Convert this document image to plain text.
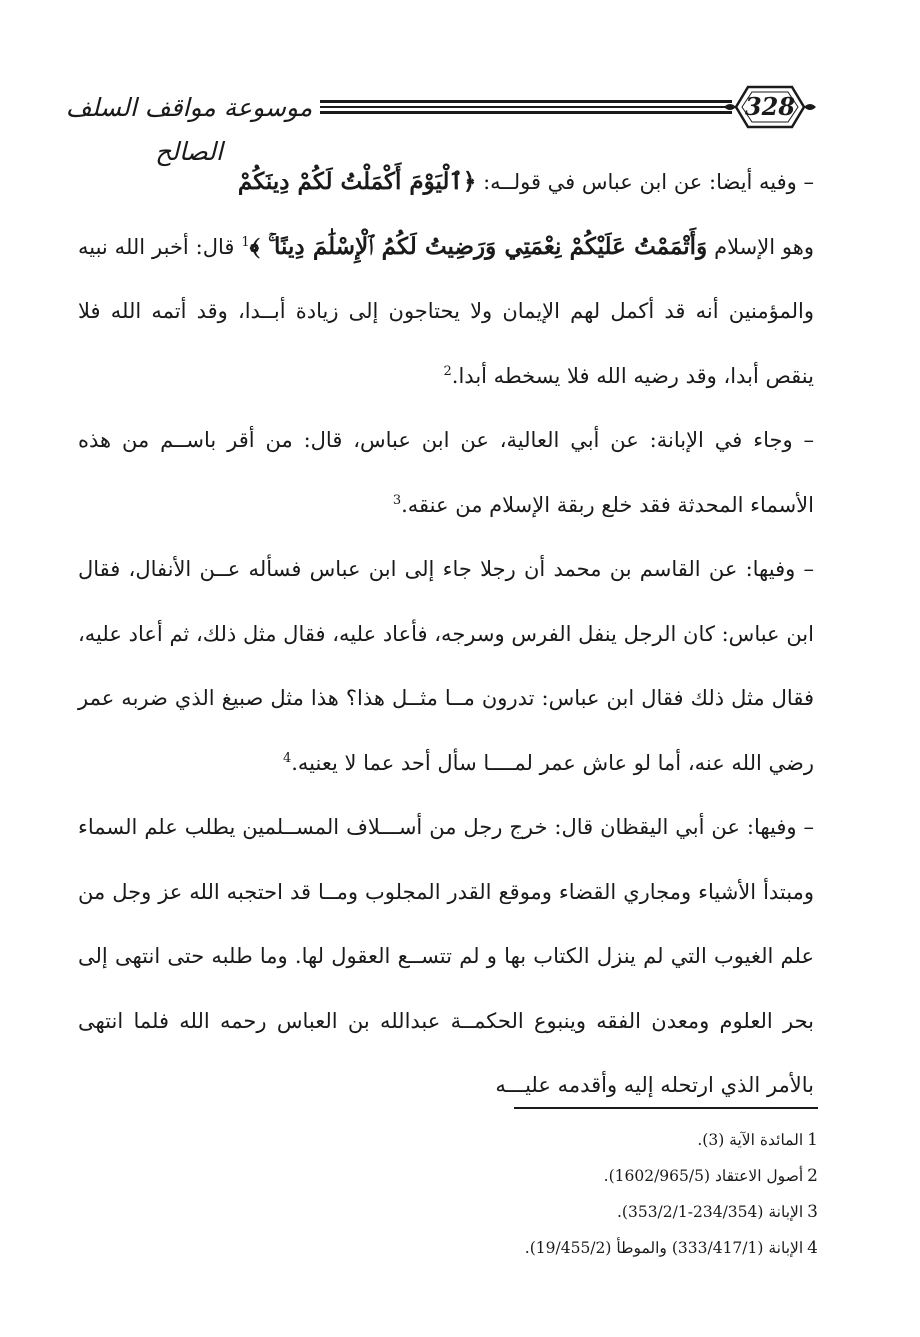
موسوعة مواقف السلف الصالح
328

– وفيه أيضا: عن ابن عباس في قولــه: ﴿ٱلْيَوْمَ أَكْمَلْتُ لَكُمْ دِينَكُمْ
وهو الإسلام وَأَتْمَمْتُ عَلَيْكُمْ نِعْمَتِي وَرَضِيتُ لَكُمُ ٱلْإِسْلَٰمَ دِينًا ۚ ﴾$^1$ قال: أخبر الله نبيه والمؤمنين أنه قد أكمل لهم الإيمان ولا يحتاجون إلى زيادة أبــدا، وقد أتمه الله فلا ينقص أبدا، وقد رضيه الله فلا يسخطه أبدا.$^2$

– وجاء في الإبانة: عن أبي العالية، عن ابن عباس، قال: من أقر باســم من هذه الأسماء المحدثة فقد خلع ربقة الإسلام من عنقه.$^3$

– وفيها: عن القاسم بن محمد أن رجلا جاء إلى ابن عباس فسأله عــن الأنفال، فقال ابن عباس: كان الرجل ينفل الفرس وسرجه، فأعاد عليه، فقال مثل ذلك، ثم أعاد عليه، فقال مثل ذلك فقال ابن عباس: تدرون مــا مثــل هذا؟ هذا مثل صبيغ الذي ضربه عمر رضي الله عنه، أما لو عاش عمر لمــــا سأل أحد عما لا يعنيه.$^4$

– وفيها: عن أبي اليقظان قال: خرج رجل من أســـلاف المســلمين يطلب علم السماء ومبتدأ الأشياء ومجاري القضاء وموقع القدر المجلوب ومــا قد احتجبه الله عز وجل من علم الغيوب التي لم ينزل الكتاب بها و لم تتســع العقول لها. وما طلبه حتى انتهى إلى بحر العلوم ومعدن الفقه وينبوع الحكمــة عبدالله بن العباس رحمه الله فلما انتهى بالأمر الذي ارتحله إليه وأقدمه عليـــه

1المائدة الآية (3).

2أصول الاعتقاد (1602/965/5).

3الإبانة (234/354-353/2/1).

4الإبانة (333/417/1) والموطأ (19/455/2).
